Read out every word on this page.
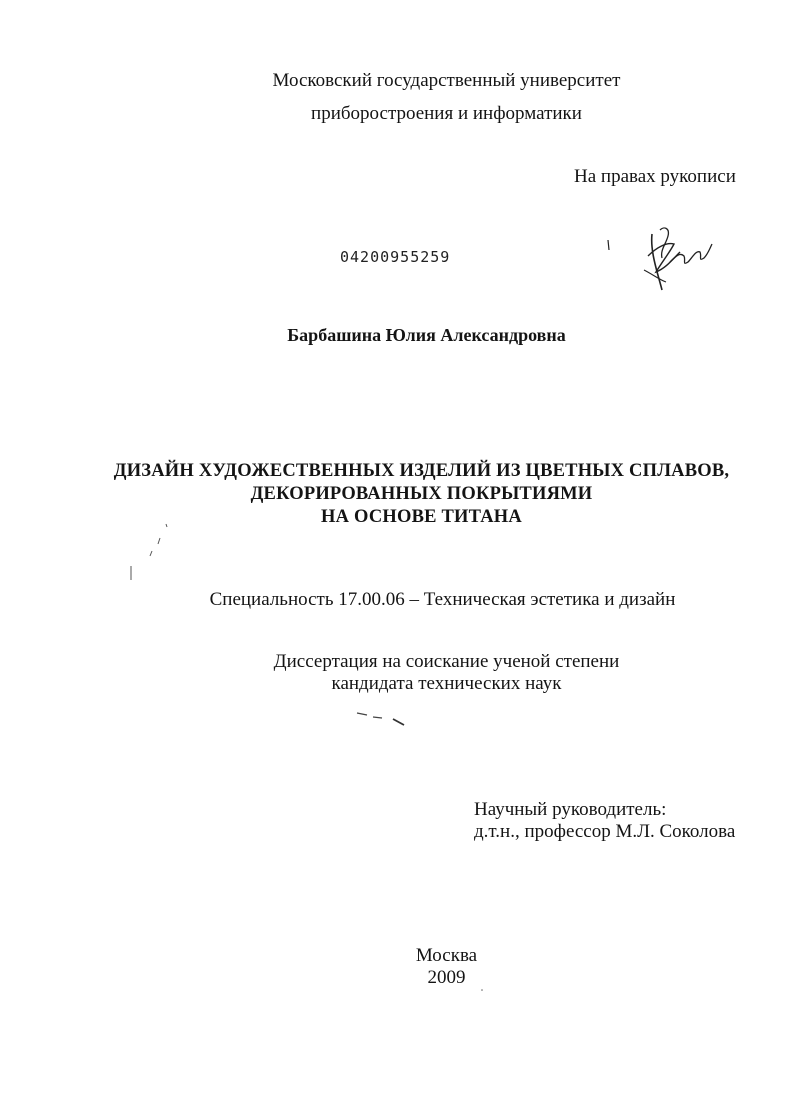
Московский государственный университет
приборостроения и информатики
На правах рукописи
04200955259
Барбашина Юлия Александровна
ДИЗАЙН ХУДОЖЕСТВЕННЫХ ИЗДЕЛИЙ ИЗ ЦВЕТНЫХ СПЛАВОВ,
ДЕКОРИРОВАННЫХ ПОКРЫТИЯМИ
НА ОСНОВЕ ТИТАНА
Специальность 17.00.06 – Техническая эстетика и дизайн
Диссертация на соискание ученой степени
кандидата технических наук
Научный руководитель:
д.т.н., профессор М.Л. Соколова
Москва
2009
